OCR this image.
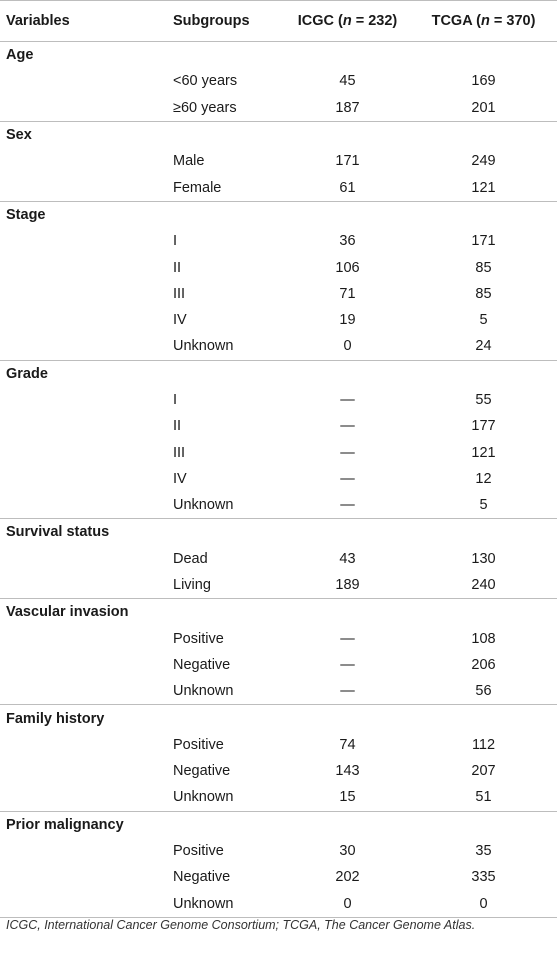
Variables	Subgroups	ICGC (n = 232)	TCGA (n = 370)
Age			
	<60 years	45	169
	≥60 years	187	201
Sex			
	Male	171	249
	Female	61	121
Stage			
	I	36	171
	II	106	85
	III	71	85
	IV	19	5
	Unknown	0	24
Grade			
	I	—	55
	II	—	177
	III	—	121
	IV	—	12
	Unknown	—	5
Survival status			
	Dead	43	130
	Living	189	240
Vascular invasion			
	Positive	—	108
	Negative	—	206
	Unknown	—	56
Family history			
	Positive	74	112
	Negative	143	207
	Unknown	15	51
Prior malignancy			
	Positive	30	35
	Negative	202	335
	Unknown	0	0
ICGC, International Cancer Genome Consortium; TCGA, The Cancer Genome Atlas.
